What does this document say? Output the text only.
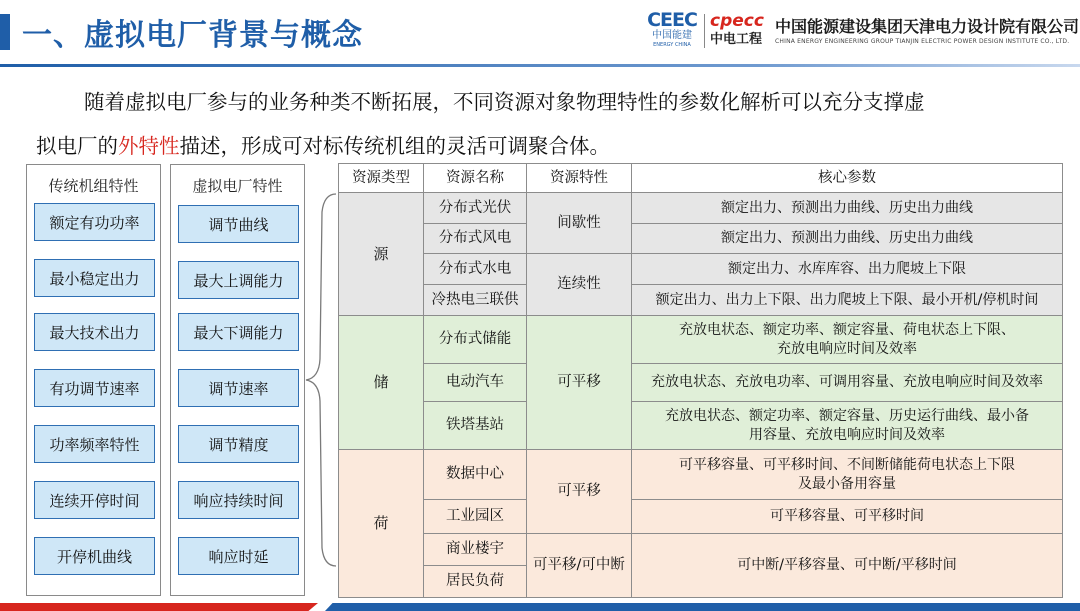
一、虚拟电厂背景与概念	CEEC
中国能建
ENERGY CHINA
cpecc
中电工程
中国能源建设集团天津电力设计院有限公司
CHINA ENERGY ENGINEERING GROUP TIANJIN ELECTRIC POWER DESIGN INSTITUTE CO., LTD.
随着虚拟电厂参与的业务种类不断拓展，不同资源对象物理特性的参数化解析可以充分支撑虚
拟电厂的外特性描述，形成可对标传统机组的灵活可调聚合体。
传统机组特性
额定有功功率
最小稳定出力
最大技术出力
有功调节速率
功率频率特性
连续开停时间
开停机曲线
虚拟电厂特性
调节曲线
最大上调能力
最大下调能力
调节速率
调节精度
响应持续时间
响应时延
资源类型	资源名称	资源特性	核心参数
源	分布式光伏	间歇性	额定出力、预测出力曲线、历史出力曲线
	分布式风电		额定出力、预测出力曲线、历史出力曲线
	分布式水电	连续性	额定出力、水库库容、出力爬坡上下限
	冷热电三联供		额定出力、出力上下限、出力爬坡上下限、最小开机/停机时间
储	分布式储能	可平移	充放电状态、额定功率、额定容量、荷电状态上下限、
充放电响应时间及效率
	电动汽车		充放电状态、充放电功率、可调用容量、充放电响应时间及效率
	铁塔基站		充放电状态、额定功率、额定容量、历史运行曲线、最小备
用容量、充放电响应时间及效率
荷	数据中心	可平移	可平移容量、可平移时间、不间断储能荷电状态上下限
及最小备用容量
	工业园区		可平移容量、可平移时间
	商业楼宇	可平移/可中断	可中断/平移容量、可中断/平移时间
	居民负荷		
